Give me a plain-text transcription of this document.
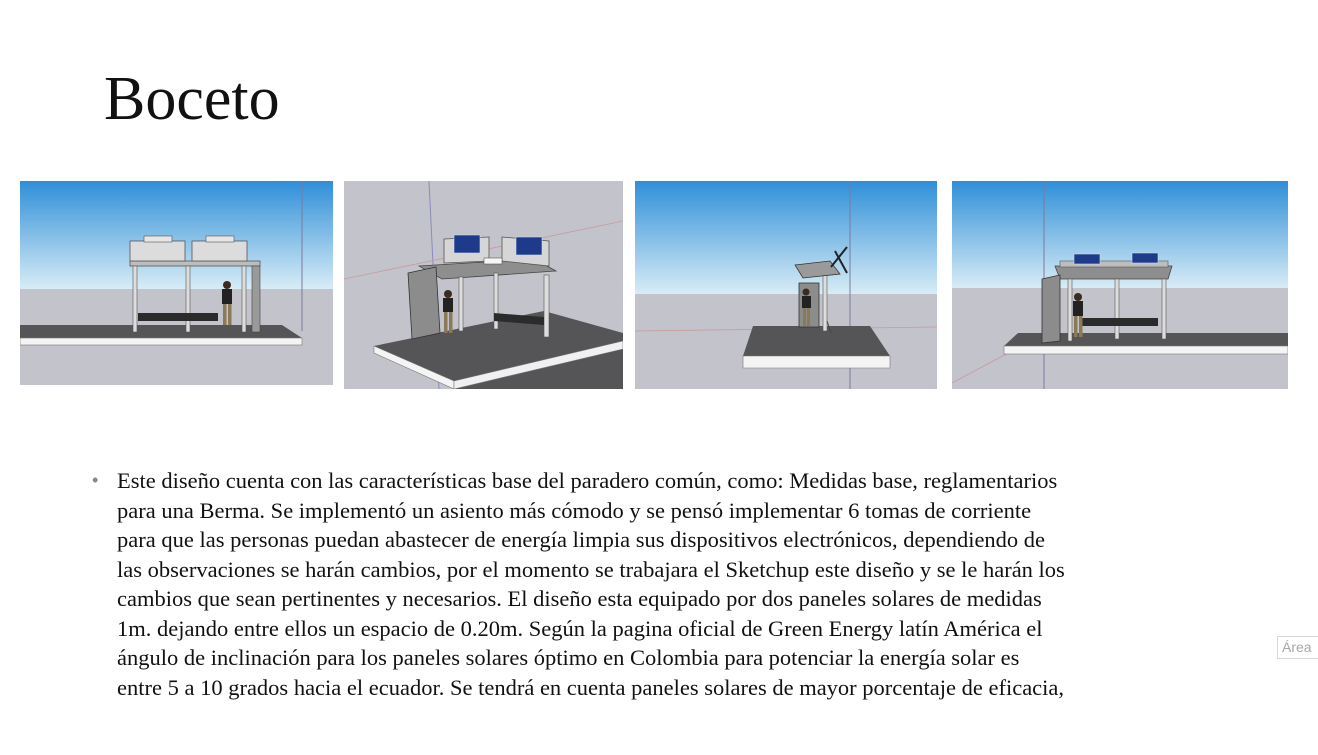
Boceto
• Este diseño cuenta con las características base del paradero común, como: Medidas base, reglamentarios
para una Berma. Se implementó un asiento más cómodo y se pensó implementar 6 tomas de corriente
para que las personas puedan abastecer de energía limpia sus dispositivos electrónicos, dependiendo de
las observaciones se harán cambios, por el momento se trabajara el Sketchup este diseño y se le harán los
cambios que sean pertinentes y necesarios. El diseño esta equipado por dos paneles solares de medidas
1m. dejando entre ellos un espacio de 0.20m. Según la pagina oficial de Green Energy latín América el
ángulo de inclinación para los paneles solares óptimo en Colombia para potenciar la energía solar es
entre 5 a 10 grados hacia el ecuador. Se tendrá en cuenta paneles solares de mayor porcentaje de eficacia,
Área
